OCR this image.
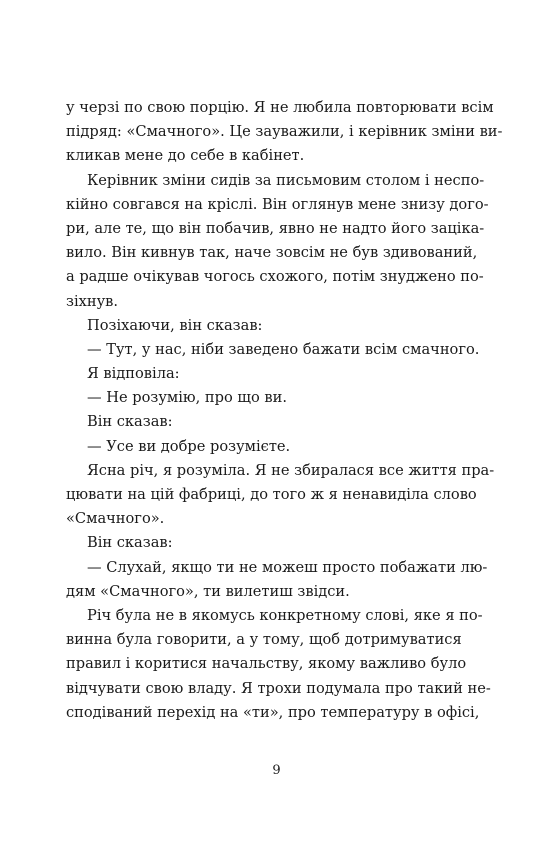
у черзі по свою порцію. Я не любила повторювати всім
підряд: «Смачного». Це зауважили, і керівник зміни ви-
кликав мене до себе в кабінет.
Керівник зміни сидів за письмовим столом і неспо-
кійно совгався на кріслі. Він оглянув мене знизу дого-
ри, але те, що він побачив, явно не надто його зацікa-
вило. Він кивнув так, наче зовсім не був здивований,
а радше очікував чогось схожого, потім знуджено по-
зіхнув.
Позіхаючи, він сказав:
— Тут, у нас, ніби заведено бажати всім смачного.
Я відповіла:
— Не розумію, про що ви.
Він сказав:
— Усе ви добре розумієте.
Ясна річ, я розуміла. Я не збиралася все життя пра-
цювати на цій фабриці, до того ж я ненавиділа слово
«Смачного».
Він сказав:
— Слухай, якщо ти не можеш просто побажати лю-
дям «Смачного», ти вилетиш звідси.
Річ була не в якомусь конкретному слові, яке я по-
винна була говорити, а у тому, щоб дотримуватися
правил і коритися начальству, якому важливо було
відчувати свою владу. Я трохи подумала про такий не-
сподіваний перехід на «ти», про температуру в офісі,
9
